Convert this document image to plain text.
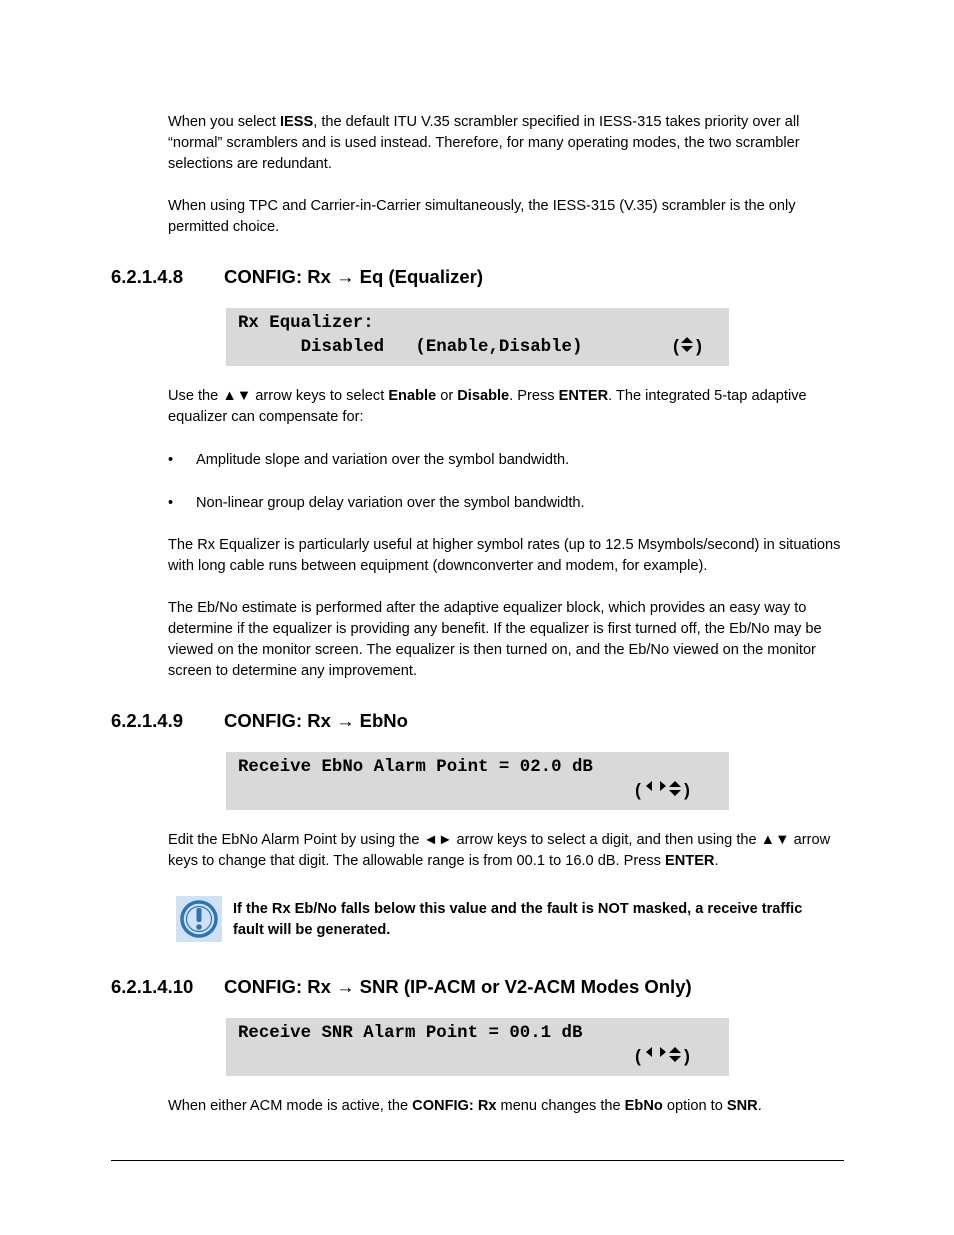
When you select IESS, the default ITU V.35 scrambler specified in IESS-315 takes priority over all “normal” scramblers and is used instead. Therefore, for many operating modes, the two scrambler selections are redundant.

When using TPC and Carrier-in-Carrier simultaneously, the IESS-315 (V.35) scrambler is the only permitted choice.

6.2.1.4.8 CONFIG: Rx → Eq (Equalizer)
Rx Equalizer:
Disabled   (Enable,Disable)	( )

Use the ▲▼ arrow keys to select Enable or Disable. Press ENTER. The integrated 5-tap adaptive equalizer can compensate for:

• Amplitude slope and variation over the symbol bandwidth.
• Non-linear group delay variation over the symbol bandwidth.

The Rx Equalizer is particularly useful at higher symbol rates (up to 12.5 Msymbols/second) in situations with long cable runs between equipment (downconverter and modem, for example).

The Eb/No estimate is performed after the adaptive equalizer block, which provides an easy way to determine if the equalizer is providing any benefit. If the equalizer is first turned off, the Eb/No may be viewed on the monitor screen. The equalizer is then turned on, and the Eb/No viewed on the monitor screen to determine any improvement.

6.2.1.4.9 CONFIG: Rx → EbNo
Receive EbNo Alarm Point = 02.0 dB
( )

Edit the EbNo Alarm Point by using the ◄► arrow keys to select a digit, and then using the ▲▼ arrow keys to change that digit. The allowable range is from 00.1 to 16.0 dB. Press ENTER.

If the Rx Eb/No falls below this value and the fault is NOT masked, a receive traffic fault will be generated.
6.2.1.4.10 CONFIG: Rx → SNR (IP-ACM or V2-ACM Modes Only)
Receive SNR Alarm Point = 00.1 dB
( )

When either ACM mode is active, the CONFIG: Rx menu changes the EbNo option to SNR.
